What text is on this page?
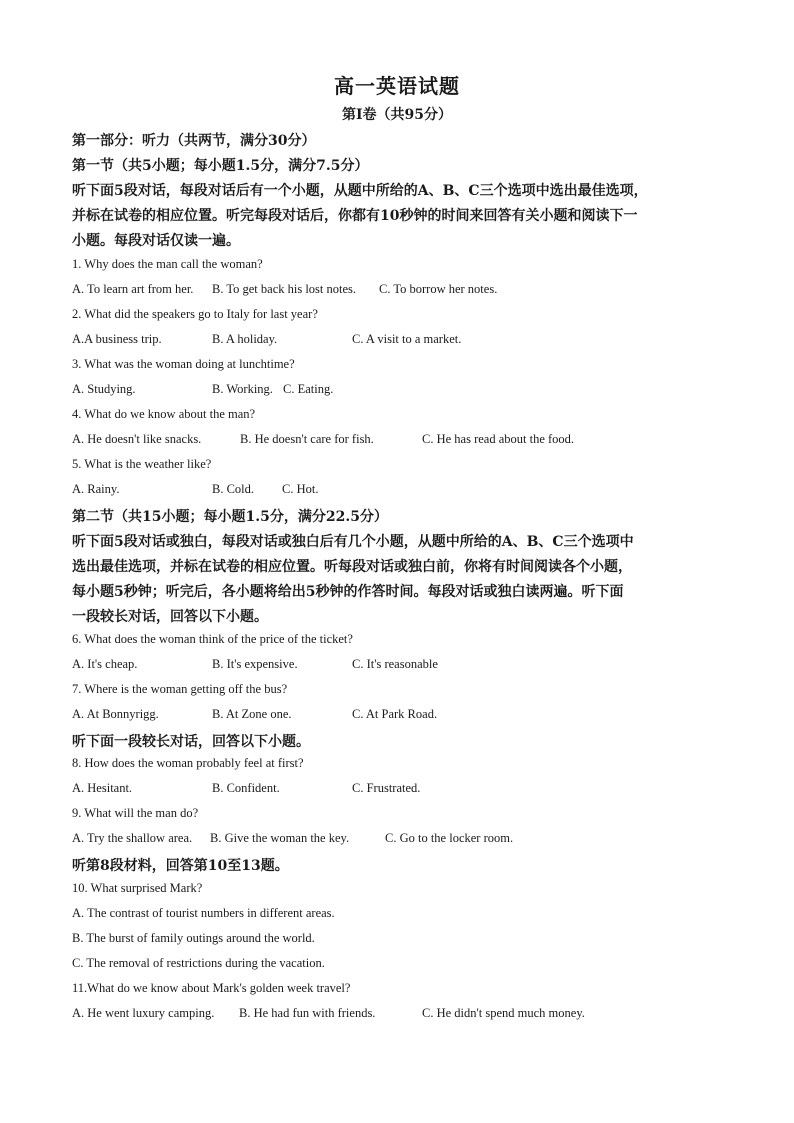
高一英语试题
第Ⅰ卷（共95分）
第一部分：听力（共两节，满分30分）
第一节（共5小题；每小题1.5分，满分7.5分）
听下面5段对话，每段对话后有一个小题，从题中所给的A、B、C三个选项中选出最佳选项，
并标在试卷的相应位置。听完每段对话后，你都有10秒钟的时间来回答有关小题和阅读下一
小题。每段对话仅读一遍。
1. Why does the man call the woman?
A. To learn art from her. B. To get back his lost notes. C. To borrow her notes.
2. What did the speakers go to Italy for last year?
A.A business trip.	B. A holiday.	C. A visit to a market.
3. What was the woman doing at lunchtime?
A. Studying.	B. Working. C. Eating.
4. What do we know about the man?
A. He doesn't like snacks.	B. He doesn't care for fish.	C. He has read about the food.
5. What is the weather like?
A. Rainy.	B. Cold. C. Hot.
第二节（共15小题；每小题1.5分，满分22.5分）
听下面5段对话或独白，每段对话或独白后有几个小题，从题中所给的A、B、C三个选项中
选出最佳选项，并标在试卷的相应位置。听每段对话或独白前，你将有时间阅读各个小题，
每小题5秒钟；听完后，各小题将给出5秒钟的作答时间。每段对话或独白读两遍。听下面
一段较长对话，回答以下小题。
6. What does the woman think of the price of the ticket?
A. It's cheap.	B. It's expensive.	C. It's reasonable
7. Where is the woman getting off the bus?
A. At Bonnyrigg.	B. At Zone one.	C. At Park Road.
听下面一段较长对话，回答以下小题。
8. How does the woman probably feel at first?
A. Hesitant.	B. Confident.	C. Frustrated.
9. What will the man do?
A. Try the shallow area. B. Give the woman the key.	C. Go to the locker room.
听第8段材料，回答第10至13题。
10. What surprised Mark?
A. The contrast of tourist numbers in different areas.
B. The burst of family outings around the world.
C. The removal of restrictions during the vacation.
11.What do we know about Mark's golden week travel?
A. He went luxury camping. B. He had fun with friends.	C. He didn't spend much money.
